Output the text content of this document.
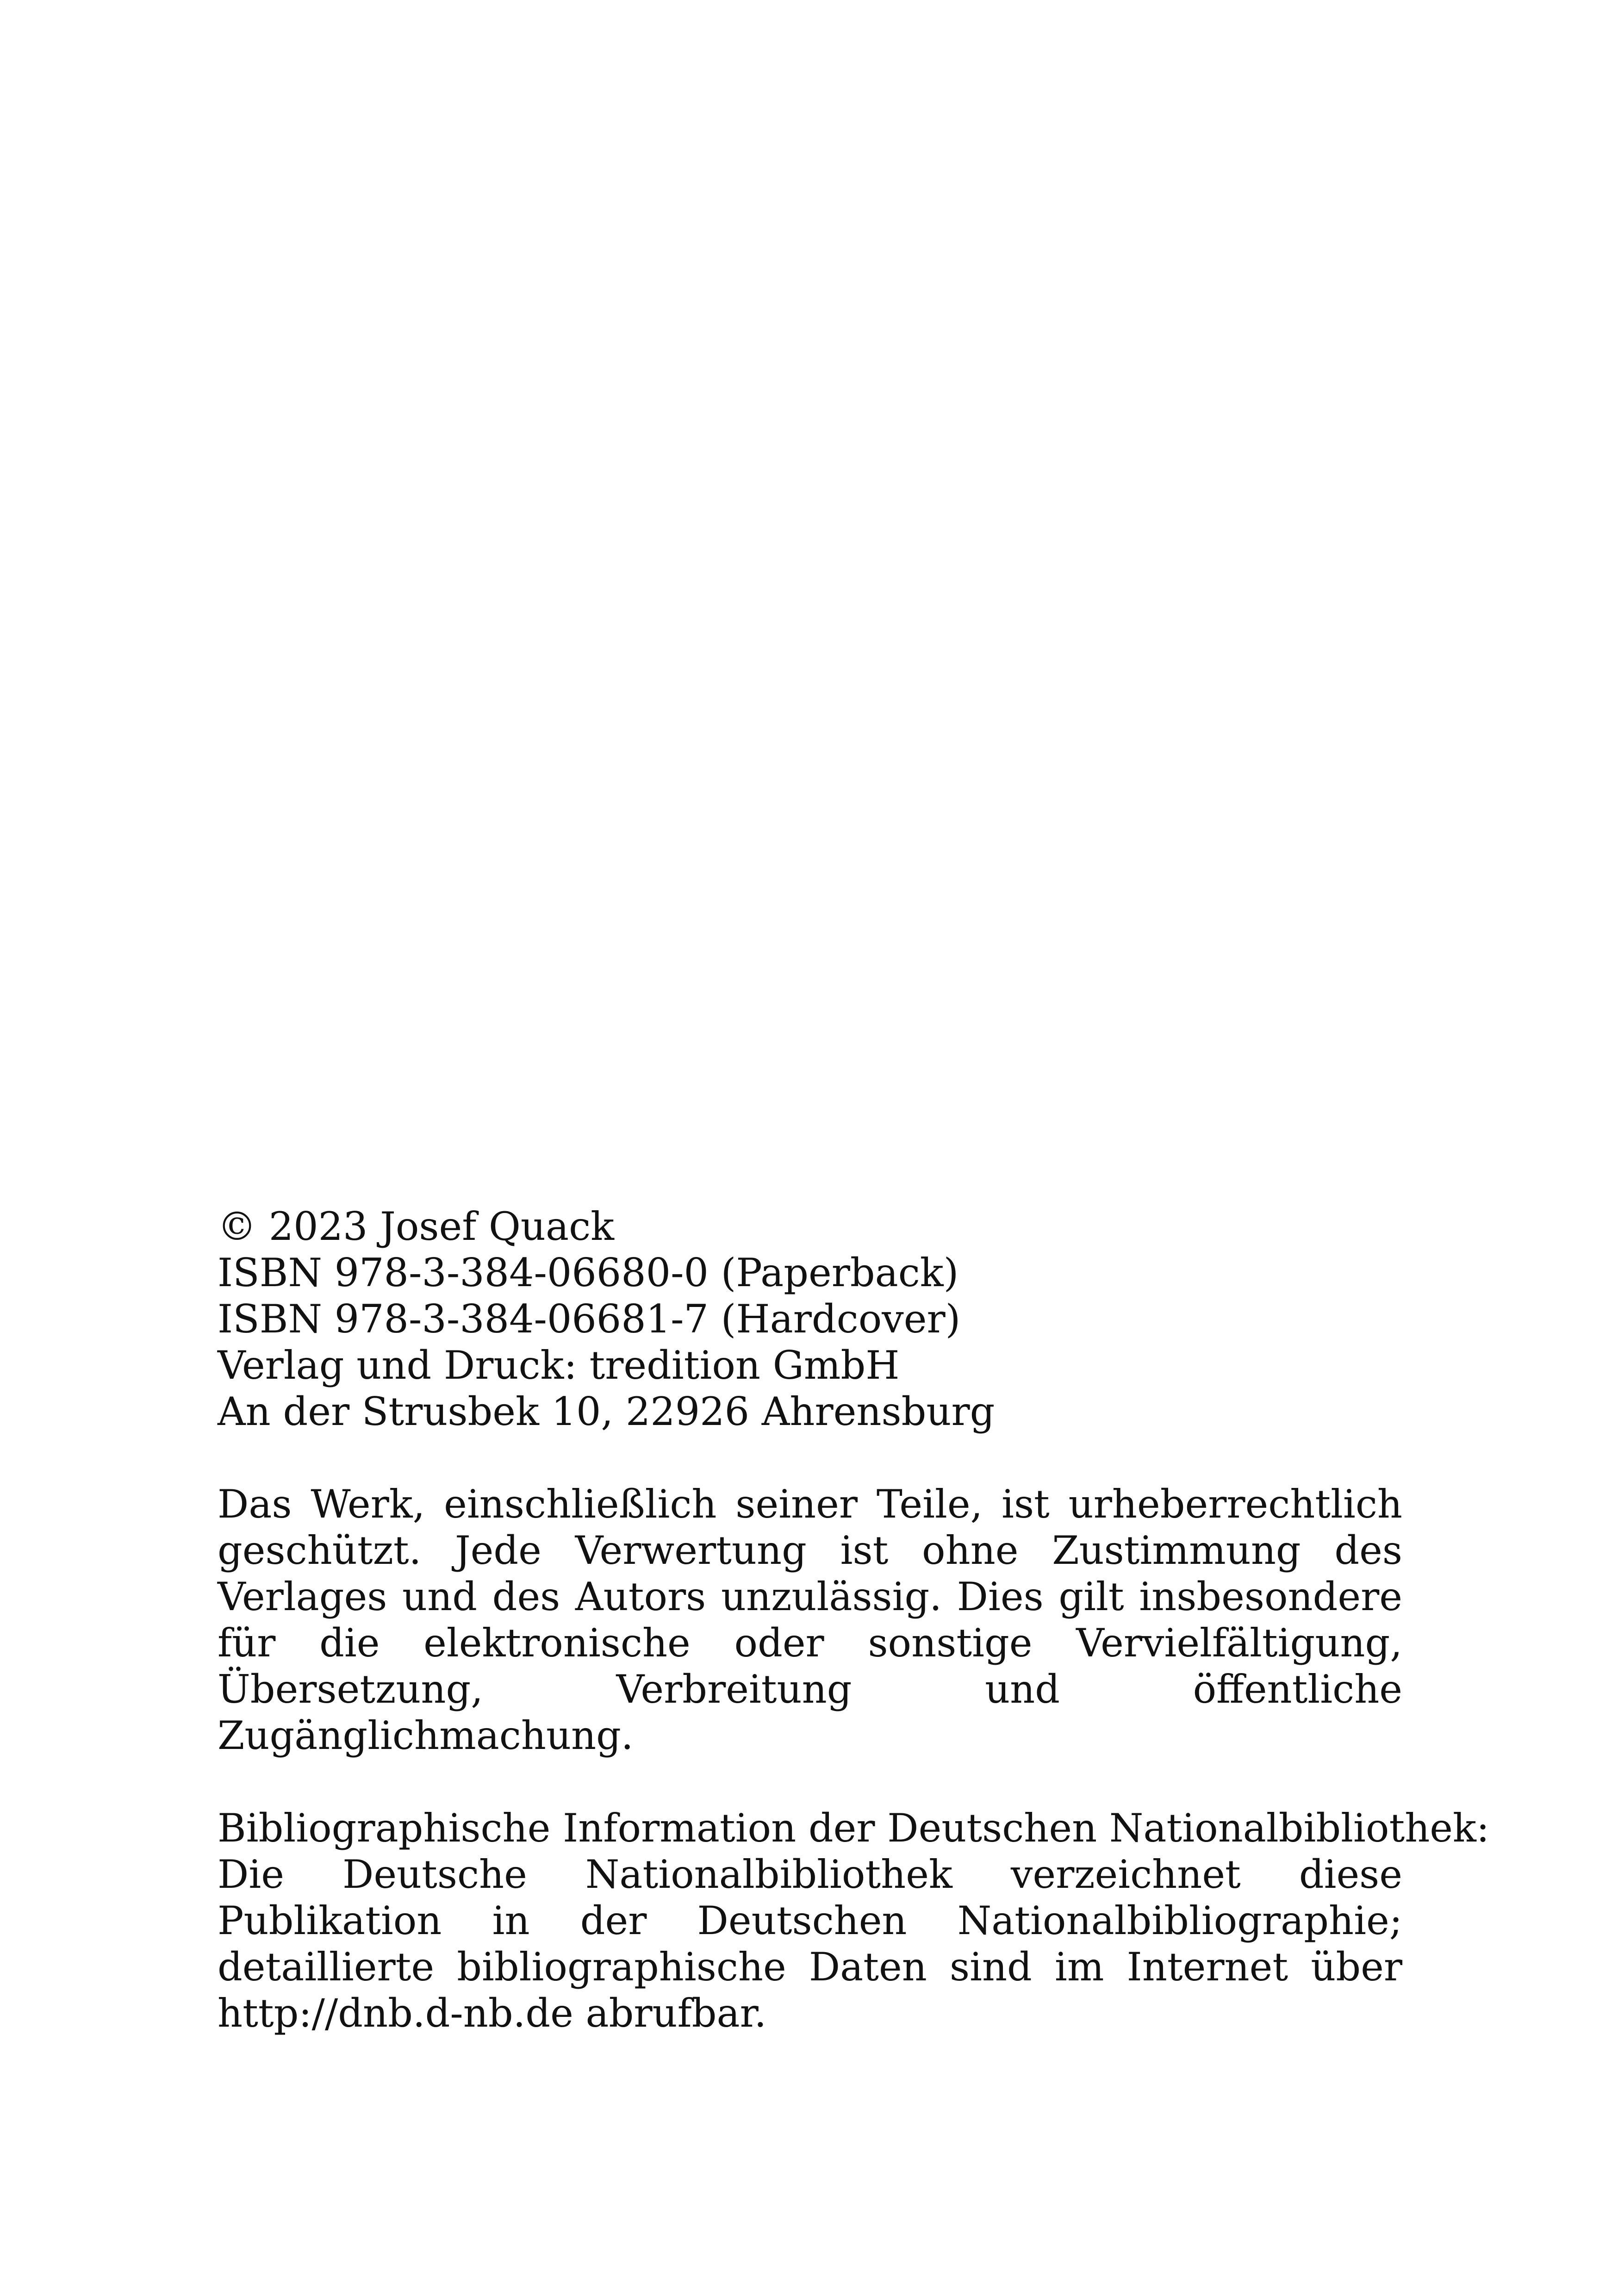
© 2023 Josef Quack
ISBN 978-3-384-06680-0 (Paperback)
ISBN 978-3-384-06681-7 (Hardcover)
Verlag und Druck: tredition GmbH
An der Strusbek 10, 22926 Ahrensburg
Das Werk, einschließlich seiner Teile, ist urheberrechtlich geschützt. Jede Verwertung ist ohne Zustimmung des Verlages und des Autors unzulässig. Dies gilt insbesondere für die elektronische oder sonstige Vervielfältigung, Übersetzung, Verbreitung und öffentliche Zugänglichmachung.
Bibliographische Information der Deutschen Nationalbibliothek:
Die Deutsche Nationalbibliothek verzeichnet diese Publikation in der Deutschen Nationalbibliographie; detaillierte bibliographische Daten sind im Internet über http://dnb.d-nb.de abrufbar.
